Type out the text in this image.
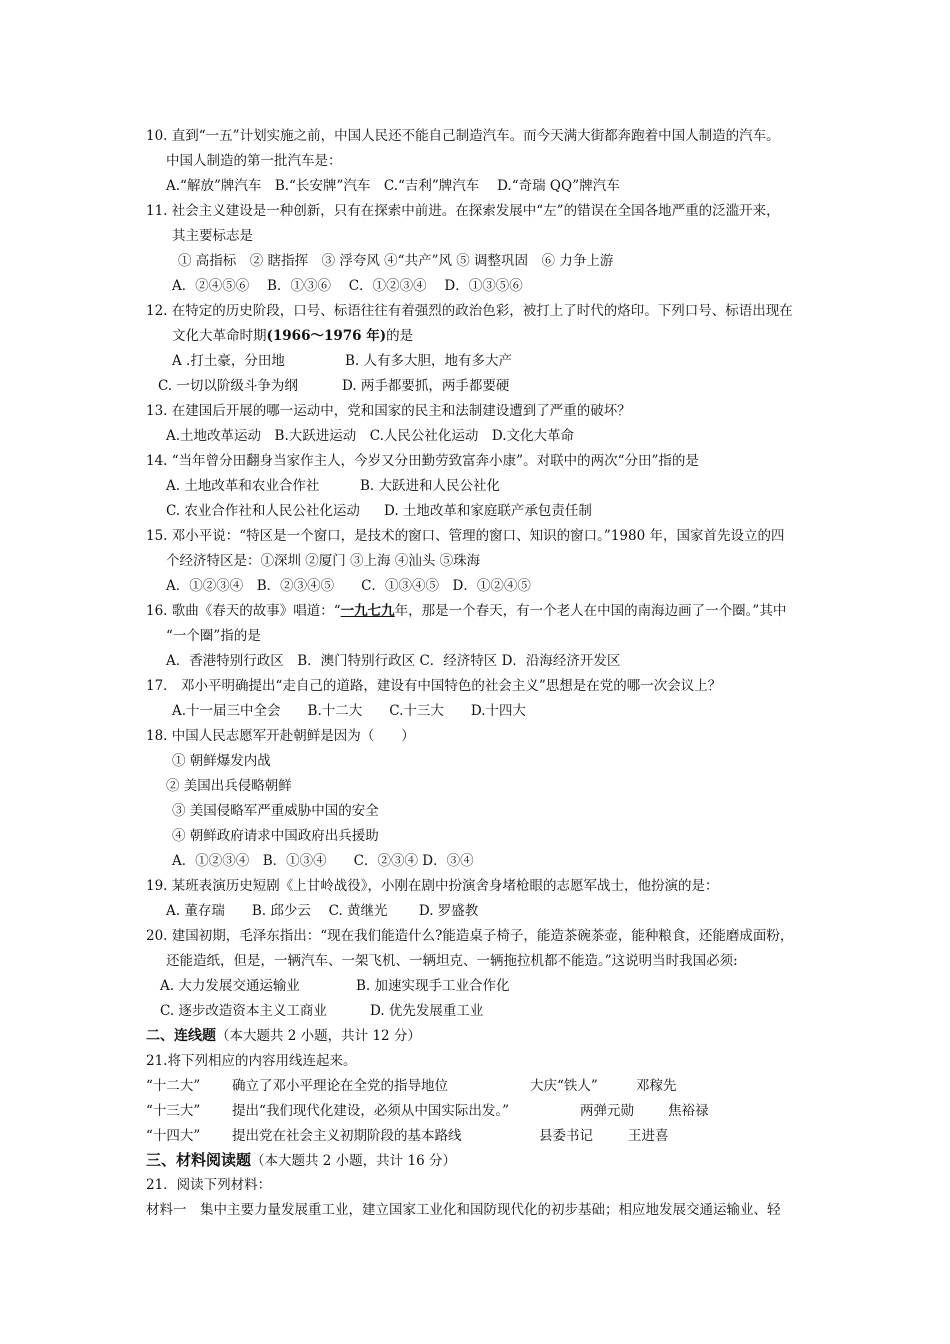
10. 直到“一五”计划实施之前，中国人民还不能自己制造汽车。而今天满大街都奔跑着中国人制造的汽车。
中国人制造的第一批汽车是：
A.“解放”牌汽车　B.“长安牌”汽车　C.“吉利”牌汽车　 D.“奇瑞 QQ”牌汽车
11. 社会主义建设是一种创新，只有在探索中前进。在探索发展中“左”的错误在全国各地严重的泛滥开来，
其主要标志是
① 高指标　② 瞎指挥　③ 浮夸风 ④“共产”风 ⑤ 调整巩固　⑥ 力争上游
A．②④⑤⑥　 B．①③⑥　 C．①②③④　 D．①③⑤⑥
12. 在特定的历史阶段，口号、标语往往有着强烈的政治色彩，被打上了时代的烙印。下列口号、标语出现在
文化大革命时期(1966～1976 年)的是
A .打土豪，分田地	B. 人有多大胆，地有多大产
C. 一切以阶级斗争为纲	D. 两手都要抓，两手都要硬
13. 在建国后开展的哪一运动中，党和国家的民主和法制建设遭到了严重的破坏？
A.土地改革运动　B.大跃进运动　C.人民公社化运动　D.文化大革命
14. “当年曾分田翻身当家作主人，今岁又分田勤劳致富奔小康”。对联中的两次“分田”指的是
A. 土地改革和农业合作社	B. 大跃进和人民公社化
C. 农业合作社和人民公社化运动 D. 土地改革和家庭联产承包责任制
15. 邓小平说：“特区是一个窗口，是技术的窗口、管理的窗口、知识的窗口。”1980 年，国家首先设立的四
个经济特区是：①深圳 ②厦门 ③上海 ④汕头 ⑤珠海
A．①②③④　B．②③④⑤　　C．①③④⑤　D．①②④⑤
16. 歌曲《春天的故事》唱道：“一九七九年，那是一个春天，有一个老人在中国的南海边画了一个圈。”其中
“一个圈”指的是
A．香港特别行政区　B．澳门特别行政区 C．经济特区 D．沿海经济开发区
17． 邓小平明确提出“走自己的道路，建设有中国特色的社会主义”思想是在党的哪一次会议上？
A.十一届三中全会　　B.十二大　　C.十三大　　D.十四大
18. 中国人民志愿军开赴朝鲜是因为（　　）
① 朝鲜爆发内战
② 美国出兵侵略朝鲜
③ 美国侵略军严重威胁中国的安全
④ 朝鲜政府请求中国政府出兵援助
A．①②③④　B．①③④　　C．②③④ D．③④
19. 某班表演历史短剧《上甘岭战役》，小刚在剧中扮演舍身堵枪眼的志愿军战士，他扮演的是：
A. 董存瑞　　B. 邱少云　 C. 黄继光　　 D. 罗盛教
20. 建国初期，毛泽东指出：“现在我们能造什么?能造桌子椅子，能造茶碗茶壶，能种粮食，还能磨成面粉，
还能造纸，但是，一辆汽车、一架飞机、一辆坦克、一辆拖拉机都不能造。”这说明当时我国必须:
A. 大力发展交通运输业	B. 加速实现手工业合作化
C. 逐步改造资本主义工商业	D. 优先发展重工业
二、连线题（本大题共 2 小题，共计 12 分）
21.将下列相应的内容用线连起来。
“十二大” 确立了邓小平理论在全党的指导地位	大庆“铁人”	邓稼先
“十三大” 提出“我们现代化建设，必须从中国实际出发。”	两弹元勋	焦裕禄
“十四大” 提出党在社会主义初期阶段的基本路线	县委书记	王进喜
三、材料阅读题（本大题共 2 小题，共计 16 分）
21．阅读下列材料：
材料一　集中主要力量发展重工业，建立国家工业化和国防现代化的初步基础；相应地发展交通运输业、轻
